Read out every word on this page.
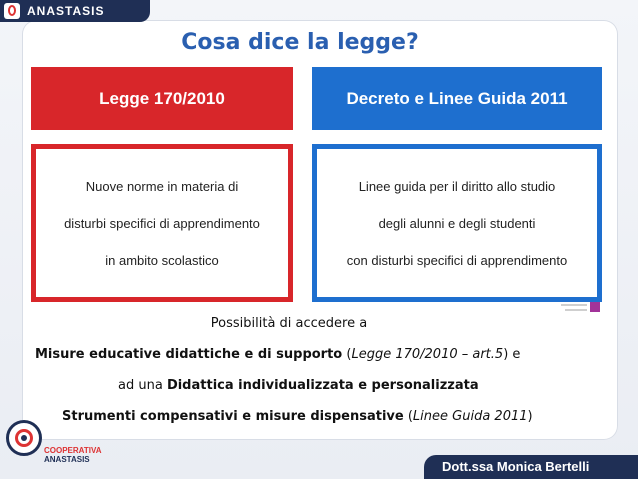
ANASTASIS
Cosa dice la legge?
Legge 170/2010	Decreto e Linee Guida 2011
Nuove norme in materia di
disturbi specifici di apprendimento
in ambito scolastico
Linee guida per il diritto allo studio
degli alunni e degli studenti
con disturbi specifici di apprendimento
Possibilità di accedere a
Misure educative didattiche e di supporto (Legge 170/2010 – art.5) e
ad una Didattica individualizzata e personalizzata
Strumenti compensativi e misure dispensative (Linee Guida 2011)
COOPERATIVA
ANASTASIS	Dott.ssa Monica Bertelli
